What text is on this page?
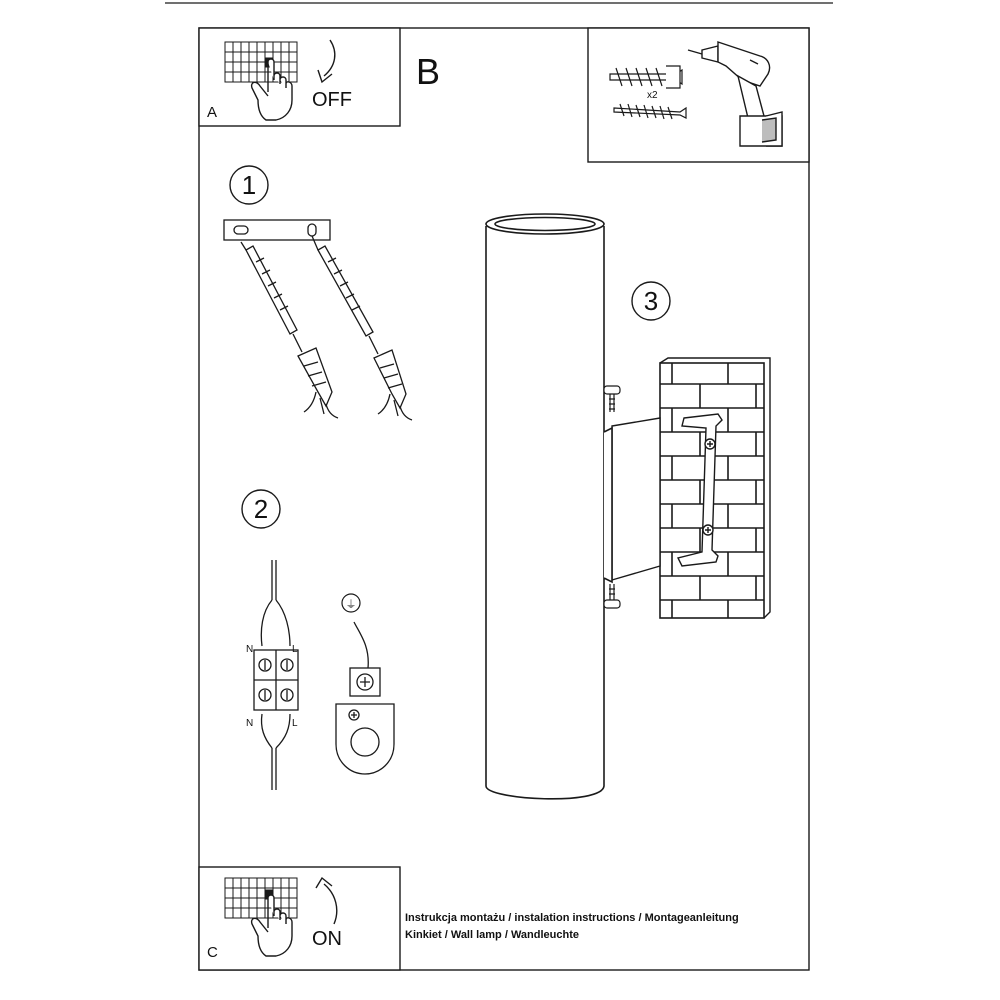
A
OFF
B
x2
1
2
N	L
N	L
⏚
3
C
ON
Instrukcja montażu / instalation instructions / Montageanleitung
Kinkiet / Wall lamp / Wandleuchte
